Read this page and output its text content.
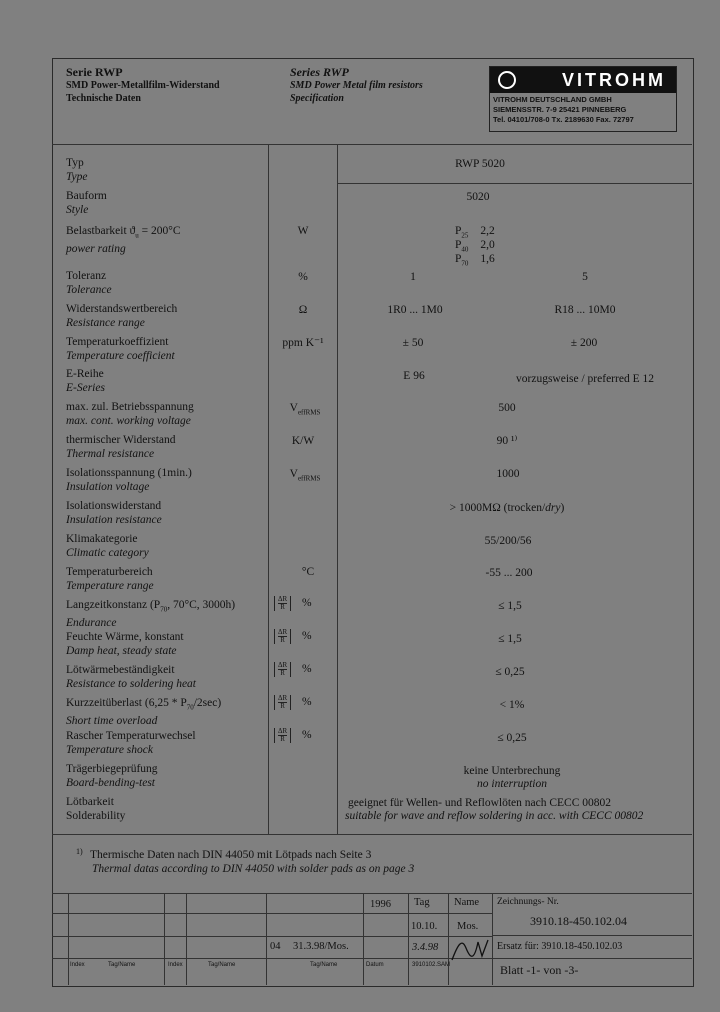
Serie RWP
SMD Power-Metallfilm-Widerstand
Technische Daten
Series RWP
SMD Power Metal film resistors
Specification
VITROHM
VITROHM DEUTSCHLAND GMBH
SIEMENSSTR. 7-9 25421 PINNEBERG
Tel. 04101/708-0 Tx. 2189630 Fax. 72797
Typ
Type
RWP 5020
Bauform
Style
5020
Belastbarkeit $ϑ_u = 200^\circ C$
power rating
W	$P_{25}$ 2,2
$P_{40}$ 2,0
$P_{70}$ 1,6
Toleranz
Tolerance
%	1	5
Widerstandswertbereich
Resistance range
Ω	1R0 ... 1M0	R18 ... 10M0
Temperaturkoeffizient
Temperature coefficient
ppm K⁻¹	± 50	± 200
E-Reihe
E-Series
E 96	vorzugsweise / preferred E 12
max. zul. Betriebsspannung
max. cont. working voltage
$V_{effRMS}$	500
thermischer Widerstand
Thermal resistance
K/W	90 ¹⁾
Isolationsspannung (1min.)
Insulation voltage
$V_{effRMS}$	1000
Isolationswiderstand
Insulation resistance
> 1000MΩ (trocken/dry)
Klimakategorie
Climatic category
55/200/56
Temperaturbereich
Temperature range
°C	-55 ... 200
Langzeitkonstanz ($P_{70}$, 70°C, 3000h)
Endurance
$\frac{\Delta R}{R}$ %	≤ 1,5
Feuchte Wärme, konstant
Damp heat, steady state
$\frac{\Delta R}{R}$ %	≤ 1,5
Lötwärmebeständigkeit
Resistance to soldering heat
$\frac{\Delta R}{R}$ %	≤ 0,25
Kurzzeitüberlast $(6,25 * P_{70}/2\sec)$
Short time overload
$\frac{\Delta R}{R}$ %	< 1%
Rascher Temperaturwechsel
Temperature shock
$\frac{\Delta R}{R}$ %	≤ 0,25
Trägerbiegeprüfung
Board-bending-test
keine Unterbrechung
no interruption
Lötbarkeit
Solderability
geeignet für Wellen- und Reflowlöten nach CECC 00802
suitable for wave and reflow soldering in acc. with CECC 00802
1) Thermische Daten nach DIN 44050 mit Lötpads nach Seite 3
Thermal datas according to DIN 44050 with solder pads as on page 3
1996 Tag Name
10.10. Mos.
04 31.3.98/Mos.	3.4.98
Zeichnungs- Nr.
3910.18-450.102.04
Ersatz für: 3910.18-450.102.03
Blatt -1- von -3-
Index	Tag/Name	Index	Tag/Name	Tag/Name	Datum	3910102.SAM
